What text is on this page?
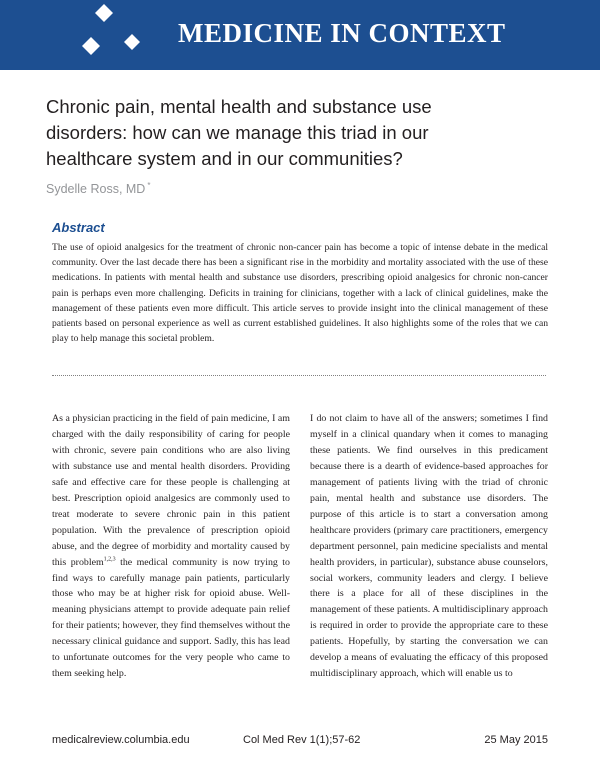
MEDICINE IN CONTEXT
Chronic pain, mental health and substance use disorders: how can we manage this triad in our healthcare system and in our communities?
Sydelle Ross, MD *
Abstract

The use of opioid analgesics for the treatment of chronic non-cancer pain has become a topic of intense debate in the medical community. Over the last decade there has been a significant rise in the morbidity and mortality associated with the use of these medications. In patients with mental health and substance use disorders, prescribing opioid analgesics for chronic non-cancer pain is perhaps even more challenging. Deficits in training for clinicians, together with a lack of clinical guidelines, make the management of these patients even more difficult. This article serves to provide insight into the clinical management of these patients based on personal experience as well as current established guidelines. It also highlights some of the roles that we can play to help manage this societal problem.

As a physician practicing in the field of pain medicine, I am charged with the daily responsibility of caring for people with chronic, severe pain conditions who are also living with substance use and mental health disorders. Providing safe and effective care for these people is challenging at best. Prescription opioid analgesics are commonly used to treat moderate to severe chronic pain in this patient population. With the prevalence of prescription opioid abuse, and the degree of morbidity and mortality caused by this problem$^{1,2,3}$ the medical community is now trying to find ways to carefully manage pain patients, particularly those who may be at higher risk for opioid abuse. Well-meaning physicians attempt to provide adequate pain relief for their patients; however, they find themselves without the necessary clinical guidance and support. Sadly, this has lead to unfortunate outcomes for the very people who came to them seeking help.

I do not claim to have all of the answers; sometimes I find myself in a clinical quandary when it comes to managing these patients. We find ourselves in this predicament because there is a dearth of evidence-based approaches for management of patients living with the triad of chronic pain, mental health and substance use disorders. The purpose of this article is to start a conversation among healthcare providers (primary care practitioners, emergency department personnel, pain medicine specialists and mental health providers, in particular), substance abuse counselors, social workers, community leaders and clergy. I believe there is a place for all of these disciplines in the management of these patients. A multidisciplinary approach is required in order to provide the appropriate care to these patients. Hopefully, by starting the conversation we can develop a means of evaluating the efficacy of this proposed multidisciplinary approach, which will enable us to

medicalreview.columbia.edu	Col Med Rev 1(1);57-62	25 May 2015
